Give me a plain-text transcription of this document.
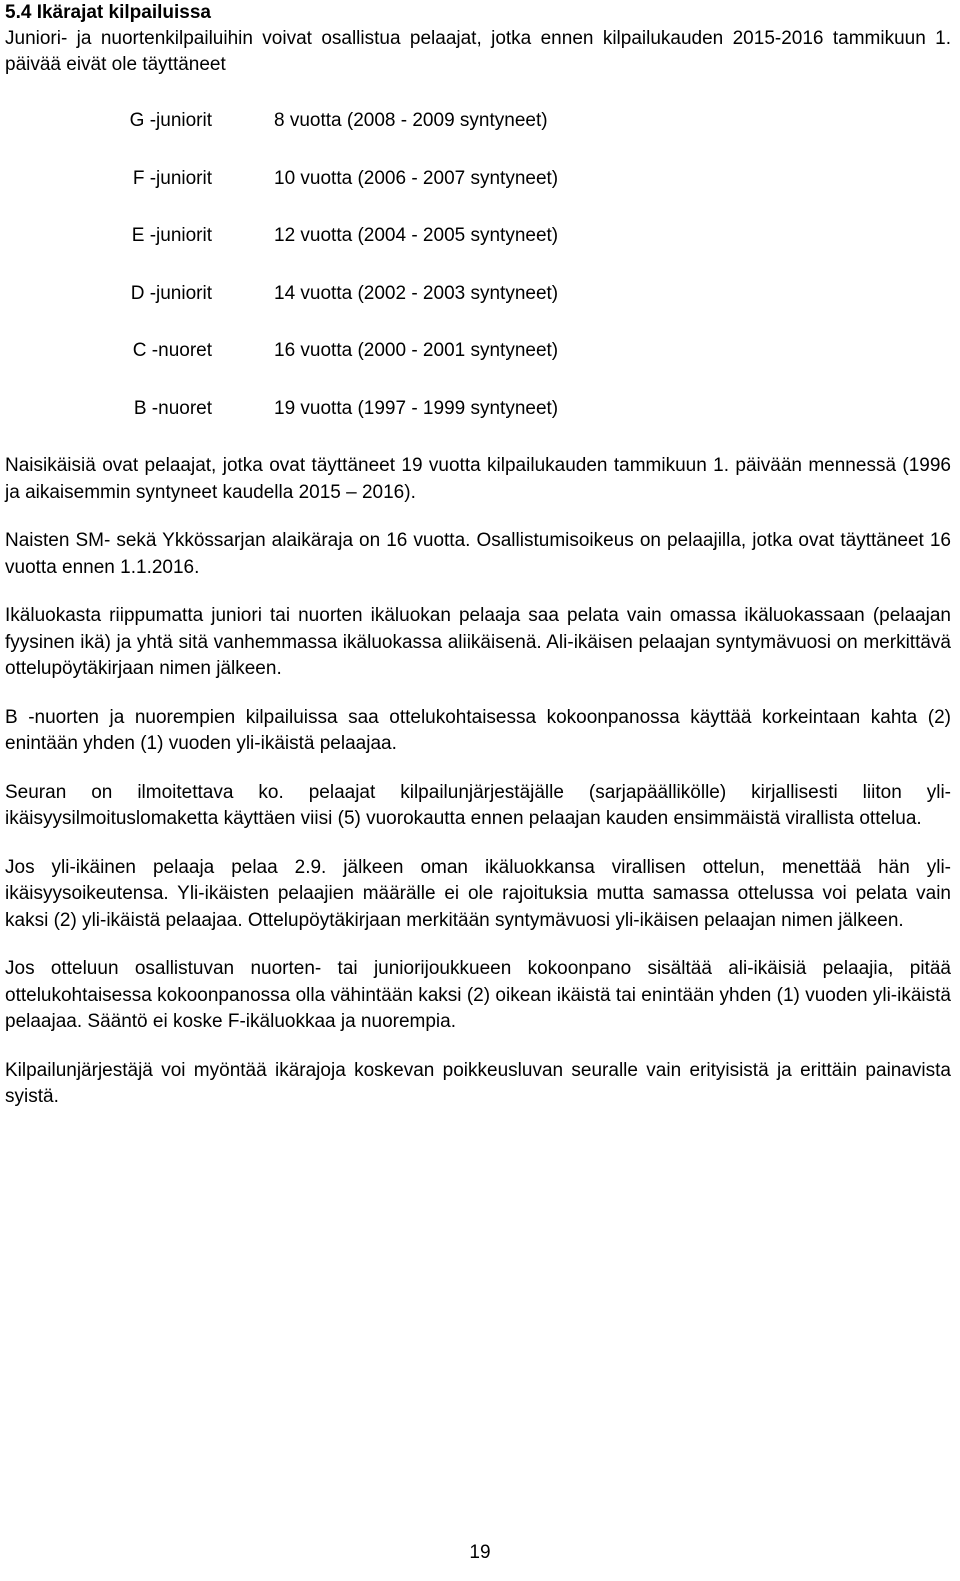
5.4 Ikärajat kilpailuissa

Juniori- ja nuortenkilpailuihin voivat osallistua pelaajat, jotka ennen kilpailukauden 2015-2016 tammikuun 1. päivää eivät ole täyttäneet

G -juniorit	8 vuotta (2008 - 2009 syntyneet)
F -juniorit	10 vuotta (2006 - 2007 syntyneet)
E -juniorit	12 vuotta (2004 - 2005 syntyneet)
D -juniorit	14 vuotta (2002 - 2003 syntyneet)
C -nuoret	16 vuotta (2000 - 2001 syntyneet)
B -nuoret	19 vuotta (1997 - 1999 syntyneet)

Naisikäisiä ovat pelaajat, jotka ovat täyttäneet 19 vuotta kilpailukauden tammikuun 1. päivään mennessä (1996 ja aikaisemmin syntyneet kaudella 2015 – 2016).

Naisten SM- sekä Ykkössarjan alaikäraja on 16 vuotta. Osallistumisoikeus on pelaajilla, jotka ovat täyttäneet 16 vuotta ennen 1.1.2016.

Ikäluokasta riippumatta juniori tai nuorten ikäluokan pelaaja saa pelata vain omassa ikäluokassaan (pelaajan fyysinen ikä) ja yhtä sitä vanhemmassa ikäluokassa aliikäisenä. Ali-ikäisen pelaajan syntymävuosi on merkittävä ottelupöytäkirjaan nimen jälkeen.

B -nuorten ja nuorempien kilpailuissa saa ottelukohtaisessa kokoonpanossa käyttää korkeintaan kahta (2) enintään yhden (1) vuoden yli-ikäistä pelaajaa.

Seuran on ilmoitettava ko. pelaajat kilpailunjärjestäjälle (sarjapäällikölle) kirjallisesti liiton yli-ikäisyysilmoituslomaketta käyttäen viisi (5) vuorokautta ennen pelaajan kauden ensimmäistä virallista ottelua.

Jos yli-ikäinen pelaaja pelaa 2.9. jälkeen oman ikäluokkansa virallisen ottelun, menettää hän yli-ikäisyysoikeutensa. Yli-ikäisten pelaajien määrälle ei ole rajoituksia mutta samassa ottelussa voi pelata vain kaksi (2) yli-ikäistä pelaajaa. Ottelupöytäkirjaan merkitään syntymävuosi yli-ikäisen pelaajan nimen jälkeen.

Jos otteluun osallistuvan nuorten- tai juniorijoukkueen kokoonpano sisältää ali-ikäisiä pelaajia, pitää ottelukohtaisessa kokoonpanossa olla vähintään kaksi (2) oikean ikäistä tai enintään yhden (1) vuoden yli-ikäistä pelaajaa. Sääntö ei koske F-ikäluokkaa ja nuorempia.

Kilpailunjärjestäjä voi myöntää ikärajoja koskevan poikkeusluvan seuralle vain erityisistä ja erittäin painavista syistä.

19
